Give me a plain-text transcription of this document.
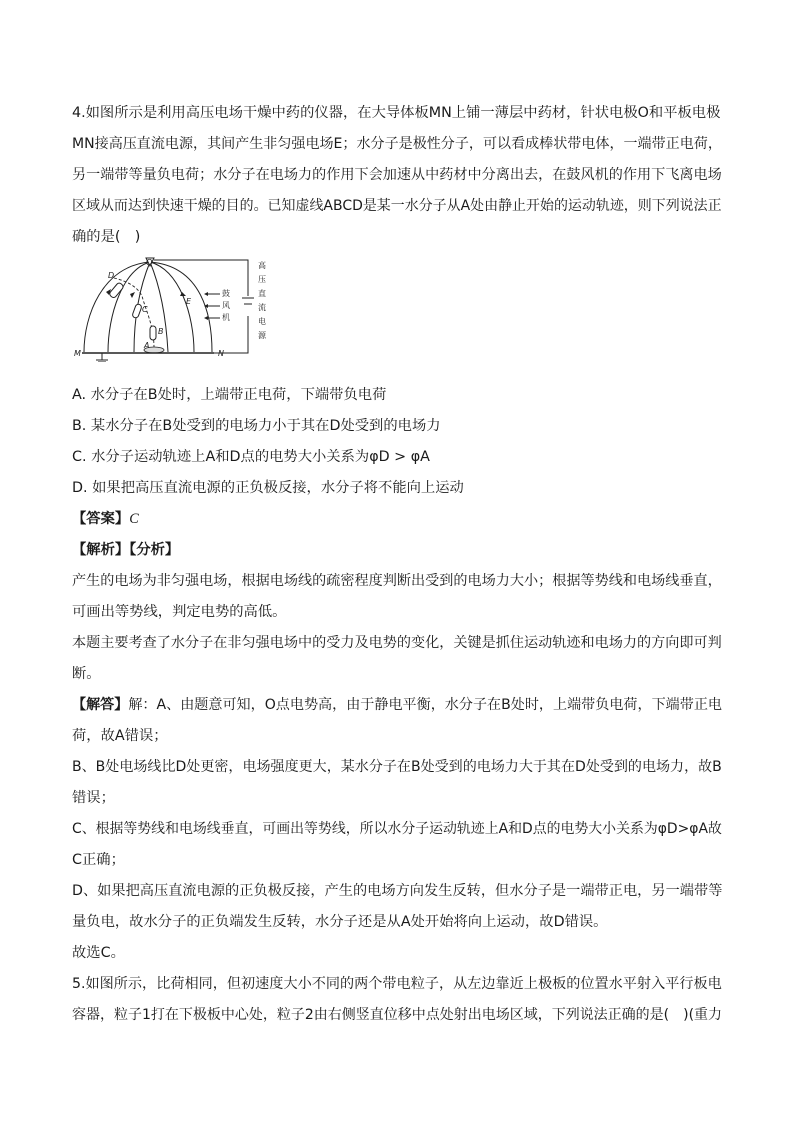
4.如图所示是利用高压电场干燥中药的仪器，在大导体板MN上铺一薄层中药材，针状电极O和平板电极
MN接高压直流电源，其间产生非匀强电场E；水分子是极性分子，可以看成棒状带电体，一端带正电荷，
另一端带等量负电荷；水分子在电场力的作用下会加速从中药材中分离出去，在鼓风机的作用下飞离电场
区域从而达到快速干燥的目的。已知虚线ABCD是某一水分子从A处由静止开始的运动轨迹，则下列说法正
确的是(　)
O
D
C
E
B
A
M	N
鼓
风
机
高
压
直
流
电
源
A. 水分子在B处时，上端带正电荷，下端带负电荷
B. 某水分子在B处受到的电场力小于其在D处受到的电场力
C. 水分子运动轨迹上A和D点的电势大小关系为φD > φA
D. 如果把高压直流电源的正负极反接，水分子将不能向上运动
【答案】C
【解析】【分析】
产生的电场为非匀强电场，根据电场线的疏密程度判断出受到的电场力大小；根据等势线和电场线垂直，
可画出等势线，判定电势的高低。
本题主要考查了水分子在非匀强电场中的受力及电势的变化，关键是抓住运动轨迹和电场力的方向即可判
断。
【解答】解：A、由题意可知，O点电势高，由于静电平衡，水分子在B处时，上端带负电荷，下端带正电
荷，故A错误；
B、B处电场线比D处更密，电场强度更大，某水分子在B处受到的电场力大于其在D处受到的电场力，故B
错误；
C、根据等势线和电场线垂直，可画出等势线，所以水分子运动轨迹上A和D点的电势大小关系为φD>φA故
C正确；
D、如果把高压直流电源的正负极反接，产生的电场方向发生反转，但水分子是一端带正电，另一端带等
量负电，故水分子的正负端发生反转，水分子还是从A处开始将向上运动，故D错误。
故选C。
5.如图所示，比荷相同，但初速度大小不同的两个带电粒子，从左边靠近上极板的位置水平射入平行板电
容器，粒子1打在下极板中心处，粒子2由右侧竖直位移中点处射出电场区域，下列说法正确的是(　)(重力
